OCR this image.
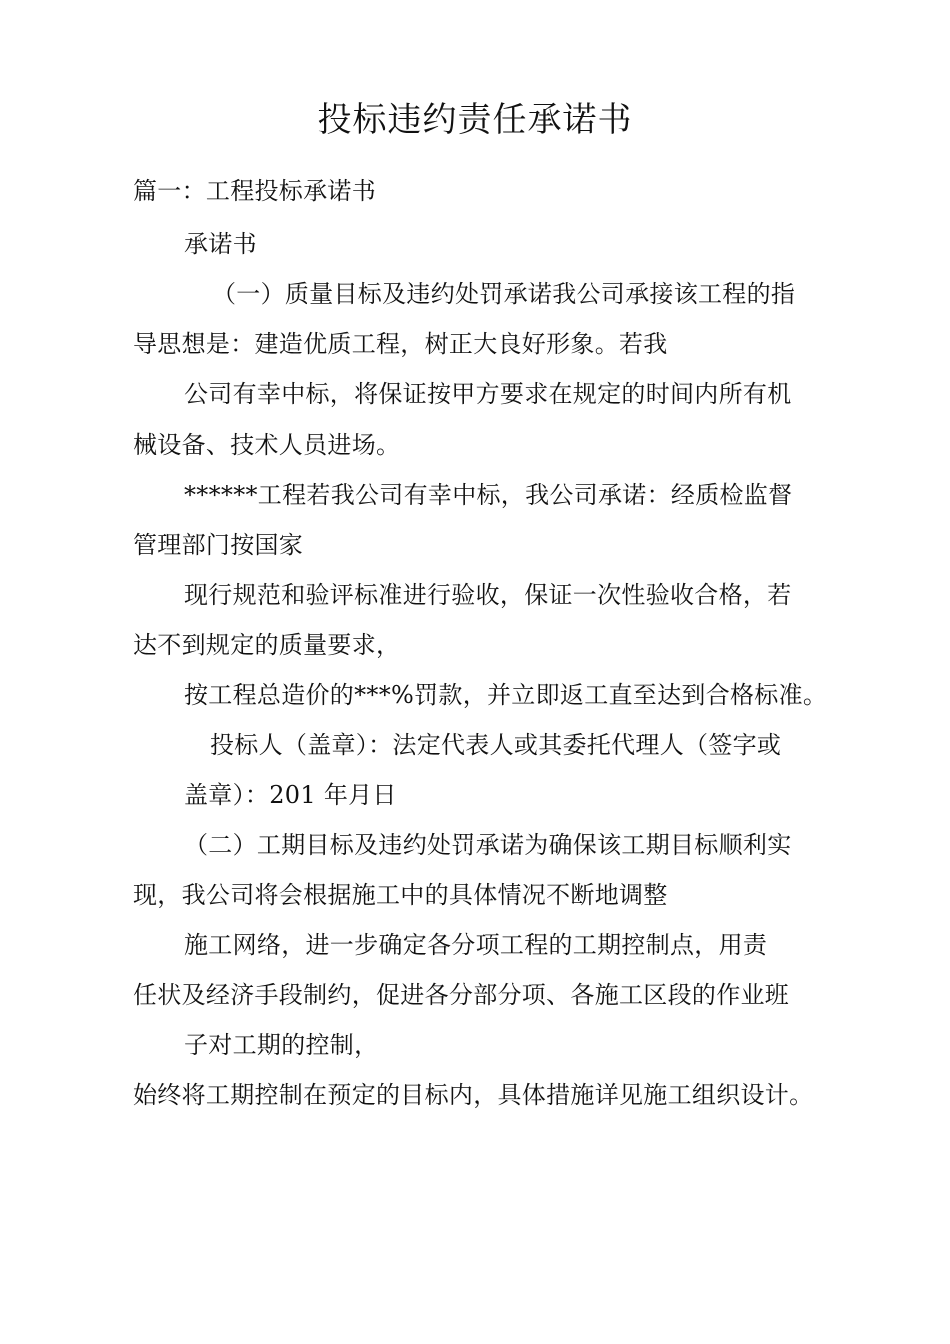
投标违约责任承诺书
篇一：工程投标承诺书
承诺书
（一）质量目标及违约处罚承诺我公司承接该工程的指
导思想是：建造优质工程，树正大良好形象。若我
公司有幸中标，将保证按甲方要求在规定的时间内所有机
械设备、技术人员进场。
******工程若我公司有幸中标，我公司承诺：经质检监督
管理部门按国家
现行规范和验评标准进行验收，保证一次性验收合格，若
达不到规定的质量要求，
按工程总造价的***%罚款，并立即返工直至达到合格标准。
投标人（盖章）：法定代表人或其委托代理人（签字或
盖章）：201 年月日
（二）工期目标及违约处罚承诺为确保该工期目标顺利实
现，我公司将会根据施工中的具体情况不断地调整
施工网络，进一步确定各分项工程的工期控制点，用责
任状及经济手段制约，促进各分部分项、各施工区段的作业班
子对工期的控制，
始终将工期控制在预定的目标内，具体措施详见施工组织设计。
